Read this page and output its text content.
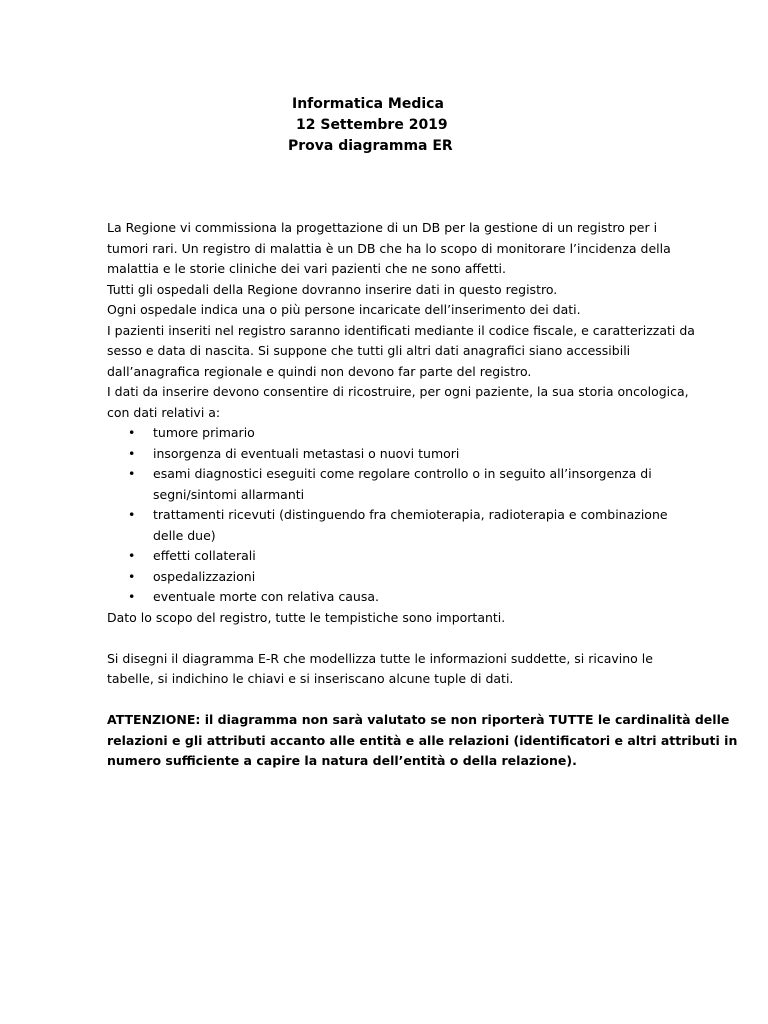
Informatica Medica
12 Settembre 2019
Prova diagramma ER
La Regione vi commissiona la progettazione di un DB per la gestione di un registro per i
tumori rari. Un registro di malattia è un DB che ha lo scopo di monitorare l’incidenza della
malattia e le storie cliniche dei vari pazienti che ne sono affetti.
Tutti gli ospedali della Regione dovranno inserire dati in questo registro.
Ogni ospedale indica una o più persone incaricate dell’inserimento dei dati.
I pazienti inseriti nel registro saranno identificati mediante il codice fiscale, e caratterizzati da
sesso e data di nascita. Si suppone che tutti gli altri dati anagrafici siano accessibili
dall’anagrafica regionale e quindi non devono far parte del registro.
I dati da inserire devono consentire di ricostruire, per ogni paziente, la sua storia oncologica,
con dati relativi a:
• tumore primario
• insorgenza di eventuali metastasi o nuovi tumori
• esami diagnostici eseguiti come regolare controllo o in seguito all’insorgenza di
segni/sintomi allarmanti
• trattamenti ricevuti (distinguendo fra chemioterapia, radioterapia e combinazione
delle due)
• effetti collaterali
• ospedalizzazioni
• eventuale morte con relativa causa.
Dato lo scopo del registro, tutte le tempistiche sono importanti.
Si disegni il diagramma E-R che modellizza tutte le informazioni suddette, si ricavino le
tabelle, si indichino le chiavi e si inseriscano alcune tuple di dati.
ATTENZIONE: il diagramma non sarà valutato se non riporterà TUTTE le cardinalità delle
relazioni e gli attributi accanto alle entità e alle relazioni (identificatori e altri attributi in
numero sufficiente a capire la natura dell’entità o della relazione).
